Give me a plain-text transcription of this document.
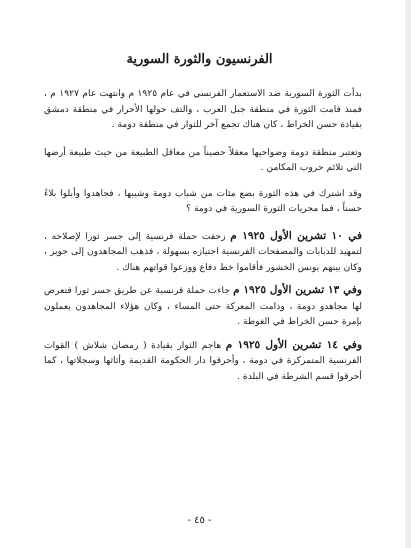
الفرنسيون والثورة السورية

بدأت الثورة السورية ضد الاستعمار الفرنسي في عام ١٩٢٥ م وانتهت عام ١٩٢٧ م ، فمنذ قامت الثورة في منطقة جبل العرب ، والتف حولها الأحرار في منطقة دمشق بقيادة حسن الخراط ، كان هناك تجمع آخر للثوار في منطقة دومة .

وتعتبر منطقة دومة وضواحيها معقلاً حصيناً من معاقل الطبيعة من حيث طبيعة أرضها التي تلائم حروب المكامن .

وقد اشترك في هذه الثورة بضع مئات من شباب دومة وشيبها ، فجاهدوا وأبلوا بلاءً حسناً ، فما مجريات الثورة السورية في دومة ؟

في ١٠ تشرين الأول ١٩٢٥ م زحفت حملة فرنسية إلى جسر ثورا لإصلاحه ، لتمهيد للدبابات والمصفحات الفرنسية اجتيازه بسهولة ، فذهب المجاهدون إلى جوبر ، وكان بينهم يونس الخشور فأقاموا خط دفاع ووزعوا قواتهم هناك .

وفي ١٣ تشرين الأول ١٩٢٥ م جاءت حملة فرنسية عن طريق جسر ثورا فتعرض لها مجاهدو دومة ، ودامت المعركة حتى المساء ، وكان هؤلاء المجاهدون يعملون بإمرة حسن الخراط في الغوطة .

وفي ١٤ تشرين الأول ١٩٢٥ م هاجم الثوار بقيادة ( رمضان شلاش ) القوات الفرنسية المتمركزة في دومة ، وأحرقوا دار الحكومة القديمة وأثاثها وسجلاتها ، كما أحرقوا قسم الشرطة في البلدة .

- ٤٥ -
